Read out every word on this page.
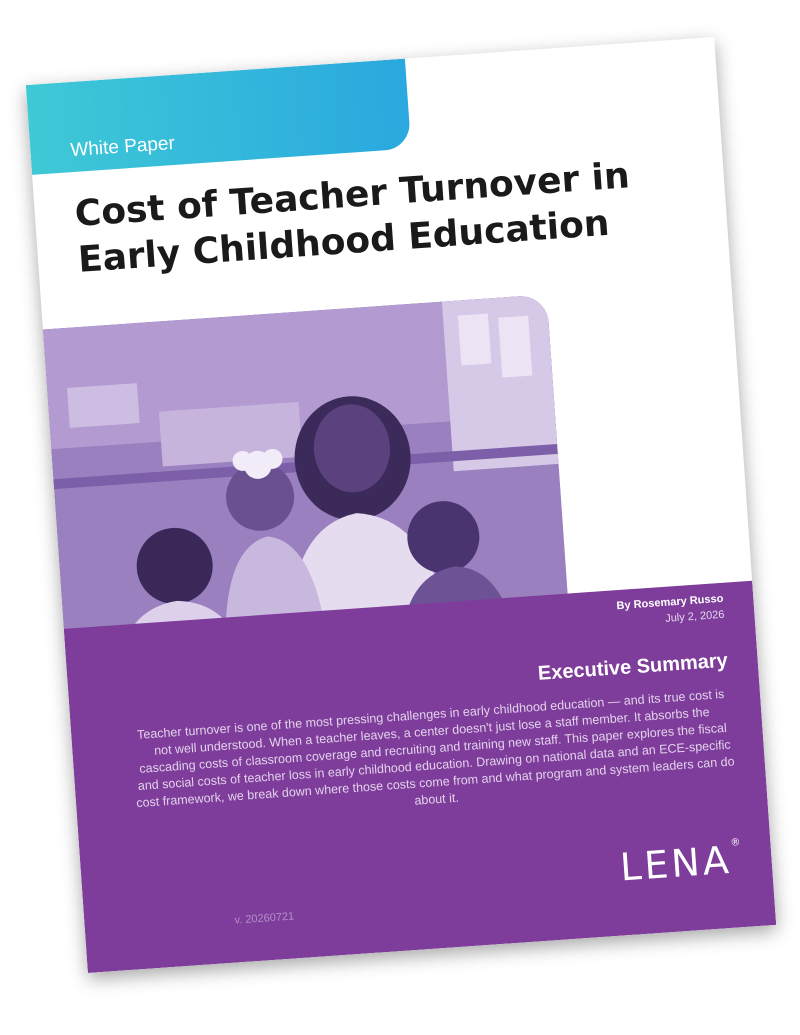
White Paper
Cost of Teacher Turnover in Early Childhood Education
By Rosemary Russo
July 2, 2026
Executive Summary

Teacher turnover is one of the most pressing challenges in early childhood education — and its true cost is not well understood. When a teacher leaves, a center doesn't just lose a staff member. It absorbs the cascading costs of classroom coverage and recruiting and training new staff. This paper explores the fiscal and social costs of teacher loss in early childhood education. Drawing on national data and an ECE-specific cost framework, we break down where those costs come from and what program and system leaders can do about it.

LENA®
v. 20260721
